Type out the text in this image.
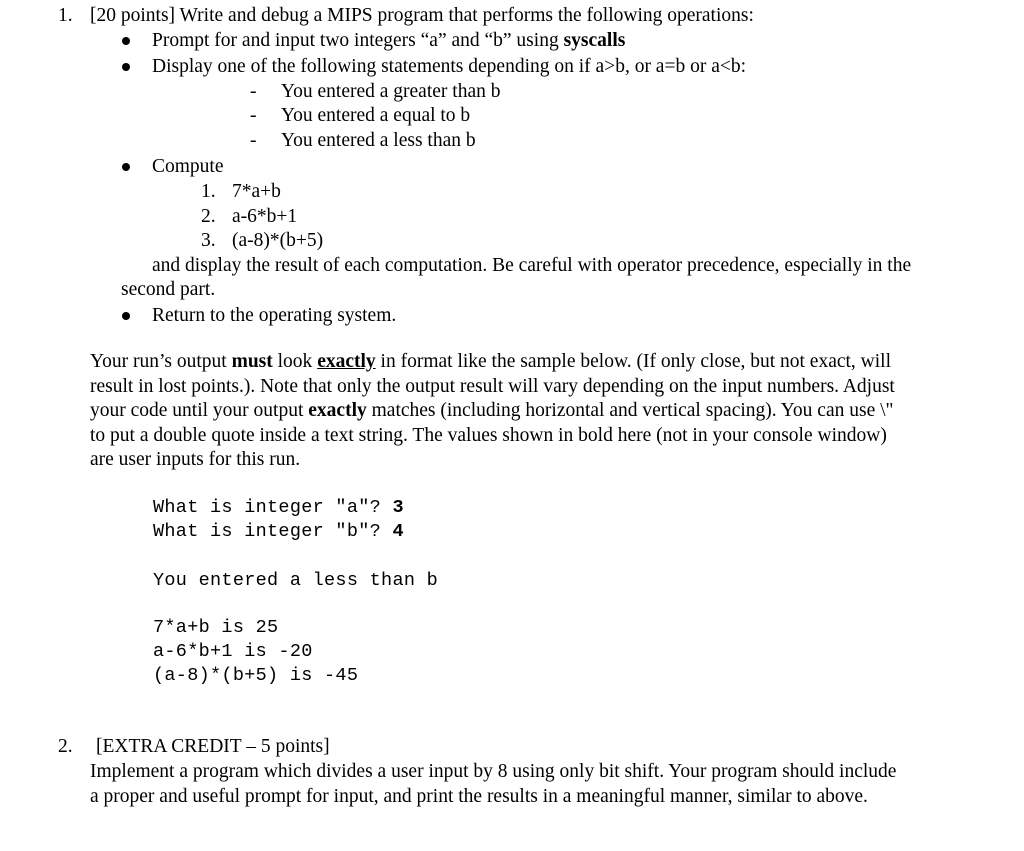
1. [20 points] Write and debug a MIPS program that performs the following operations:
Prompt for and input two integers “a” and “b” using syscalls
Display one of the following statements depending on if a>b, or a=b or a<b:
- You entered a greater than b
- You entered a equal to b
- You entered a less than b
Compute
1. 7*a+b
2. a-6*b+1
3. (a-8)*(b+5)
and display the result of each computation. Be careful with operator precedence, especially in the
second part.
Return to the operating system.
Your run’s output must look exactly in format like the sample below. (If only close, but not exact, will
result in lost points.). Note that only the output result will vary depending on the input numbers. Adjust
your code until your output exactly matches (including horizontal and vertical spacing). You can use \"
to put a double quote inside a text string. The values shown in bold here (not in your console window)
are user inputs for this run.
What is integer "a"? 3
What is integer "b"? 4
You entered a less than b
7*a+b is 25
a-6*b+1 is -20
(a-8)*(b+5) is -45
2. [EXTRA CREDIT – 5 points]
Implement a program which divides a user input by 8 using only bit shift. Your program should include
a proper and useful prompt for input, and print the results in a meaningful manner, similar to above.
